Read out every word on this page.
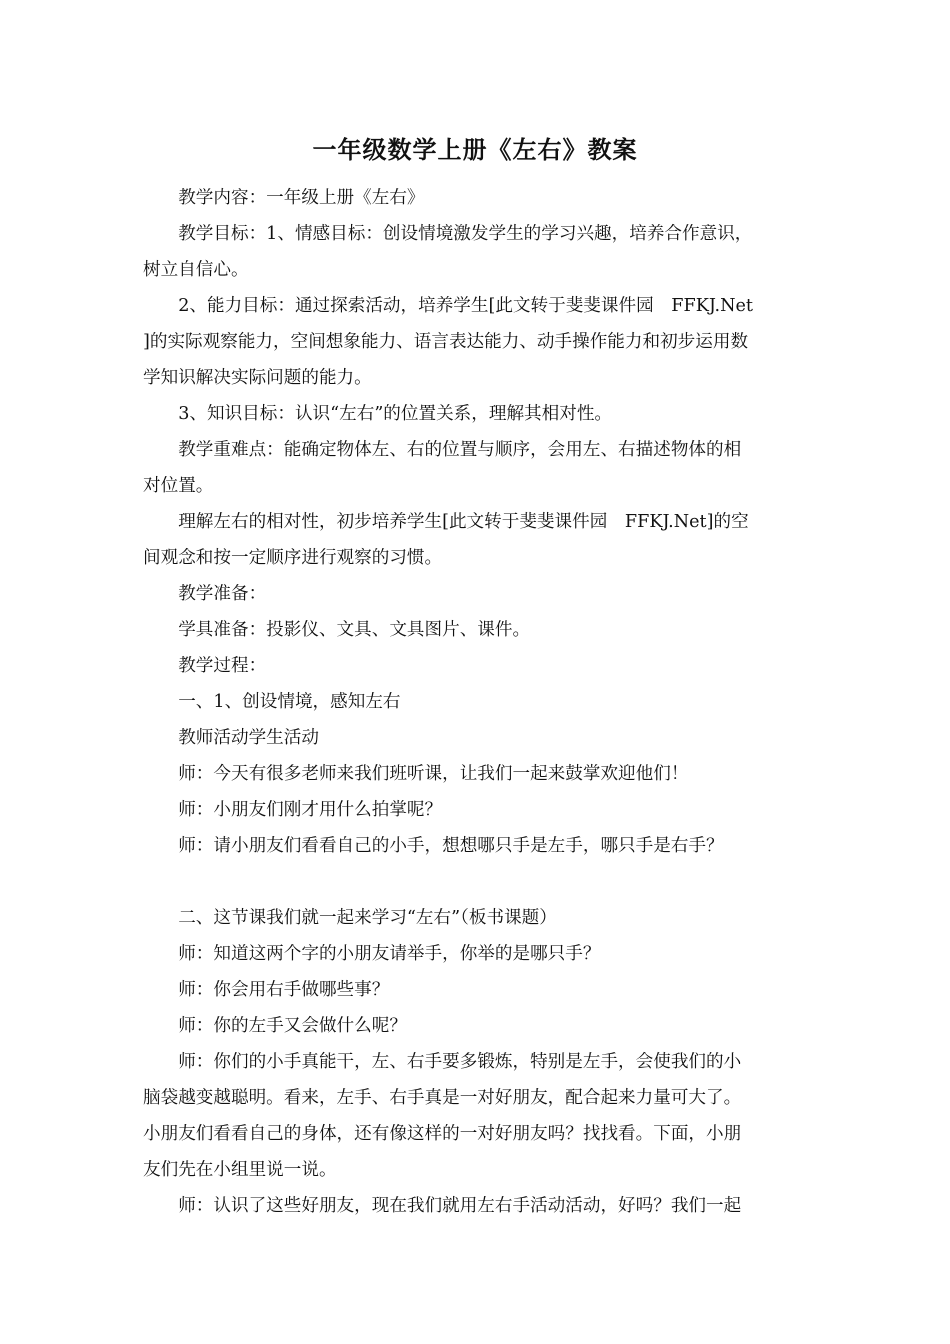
一年级数学上册《左右》教案

教学内容：一年级上册《左右》

教学目标：1、情感目标：创设情境激发学生的学习兴趣，培养合作意识，

树立自信心。

2、能力目标：通过探索活动，培养学生[此文转于斐斐课件园　FFKJ.Net

]的实际观察能力，空间想象能力、语言表达能力、动手操作能力和初步运用数

学知识解决实际问题的能力。

3、知识目标：认识“左右”的位置关系，理解其相对性。

教学重难点：能确定物体左、右的位置与顺序，会用左、右描述物体的相

对位置。

理解左右的相对性，初步培养学生[此文转于斐斐课件园　FFKJ.Net]的空

间观念和按一定顺序进行观察的习惯。

教学准备：

学具准备：投影仪、文具、文具图片、课件。

教学过程：

一、1、创设情境，感知左右

教师活动学生活动

师：今天有很多老师来我们班听课，让我们一起来鼓掌欢迎他们！

师：小朋友们刚才用什么拍掌呢？

师：请小朋友们看看自己的小手，想想哪只手是左手，哪只手是右手？

二、这节课我们就一起来学习“左右”（板书课题）

师：知道这两个字的小朋友请举手，你举的是哪只手？

师：你会用右手做哪些事？

师：你的左手又会做什么呢？

师：你们的小手真能干，左、右手要多锻炼，特别是左手，会使我们的小

脑袋越变越聪明。看来，左手、右手真是一对好朋友，配合起来力量可大了。

小朋友们看看自己的身体，还有像这样的一对好朋友吗？找找看。下面，小朋

友们先在小组里说一说。

师：认识了这些好朋友，现在我们就用左右手活动活动，好吗？我们一起
